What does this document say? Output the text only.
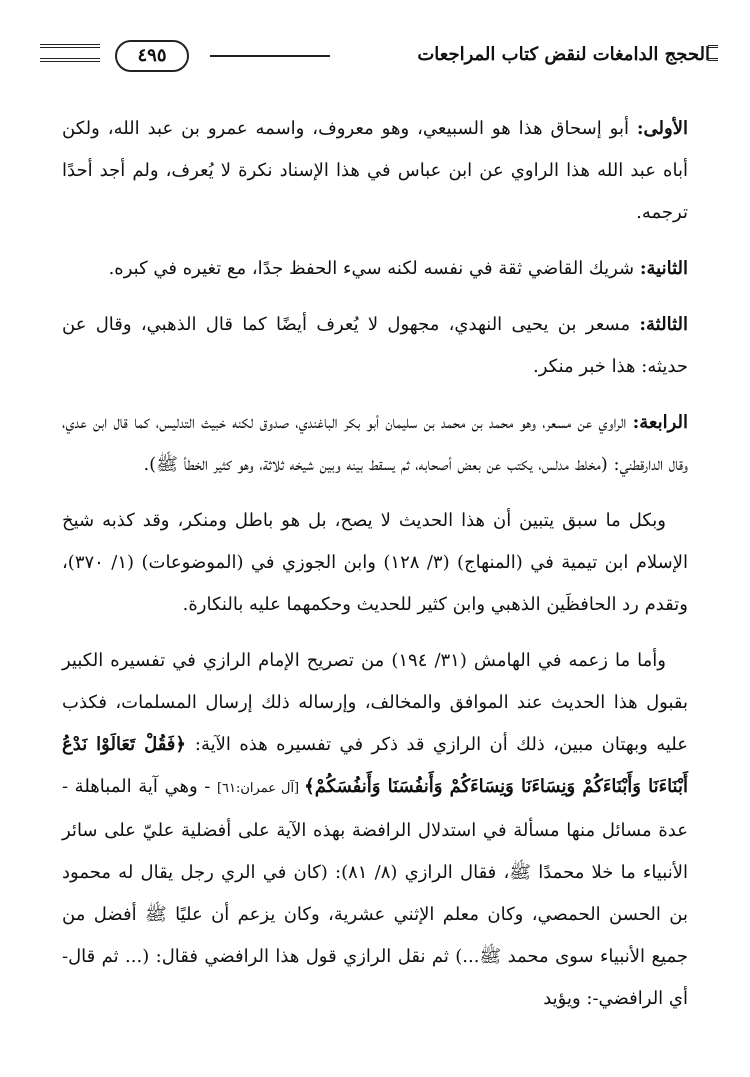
الحجج الدامغات لنقض كتاب المراجعات
٤٩٥

الأولى: أبو إسحاق هذا هو السبيعي، وهو معروف، واسمه عمرو بن عبد الله، ولكن أباه عبد الله هذا الراوي عن ابن عباس في هذا الإسناد نكرة لا يُعرف، ولم أجد أحدًا ترجمه.

الثانية: شريك القاضي ثقة في نفسه لكنه سيء الحفظ جدًا، مع تغيره في كبره.

الثالثة: مسعر بن يحيى النهدي، مجهول لا يُعرف أيضًا كما قال الذهبي، وقال عن حديثه: هذا خبر منكر.

الرابعة: الراوي عن مسعر، وهو محمد بن محمد بن سليمان أبو بكر الباغندي، صدوق لكنه خبيث التدليس، كما قال ابن عدي، وقال الدارقطني: (مخلط مدلس، يكتب عن بعض أصحابه، ثم يسقط بينه وبين شيخه ثلاثة، وهو كثير الخطأ ﷺ).

وبكل ما سبق يتبين أن هذا الحديث لا يصح، بل هو باطل ومنكر، وقد كذبه شيخ الإسلام ابن تيمية في (المنهاج) (٣/ ١٢٨) وابن الجوزي في (الموضوعات) (١/ ٣٧٠)، وتقدم رد الحافظَين الذهبي وابن كثير للحديث وحكمهما عليه بالنكارة.

وأما ما زعمه في الهامش (٣١/ ١٩٤) من تصريح الإمام الرازي في تفسيره الكبير بقبول هذا الحديث عند الموافق والمخالف، وإرساله ذلك إرسال المسلمات، فكذب عليه وبهتان مبين، ذلك أن الرازي قد ذكر في تفسيره هذه الآية: ﴿فَقُلْ تَعَالَوْا نَدْعُ أَبْنَاءَنَا وَأَبْنَاءَكُمْ وَنِسَاءَنَا وَنِسَاءَكُمْ وَأَنفُسَنَا وَأَنفُسَكُمْ﴾ [آل عمران:٦١] - وهي آية المباهلة - عدة مسائل منها مسألة في استدلال الرافضة بهذه الآية على أفضلية عليّ على سائر الأنبياء ما خلا محمدًا ﷺ، فقال الرازي (٨/ ٨١): (كان في الري رجل يقال له محمود بن الحسن الحمصي، وكان معلم الإثني عشرية، وكان يزعم أن عليًا ﷺ أفضل من جميع الأنبياء سوى محمد ﷺ...) ثم نقل الرازي قول هذا الرافضي فقال: (... ثم قال- أي الرافضي-: ويؤيد
